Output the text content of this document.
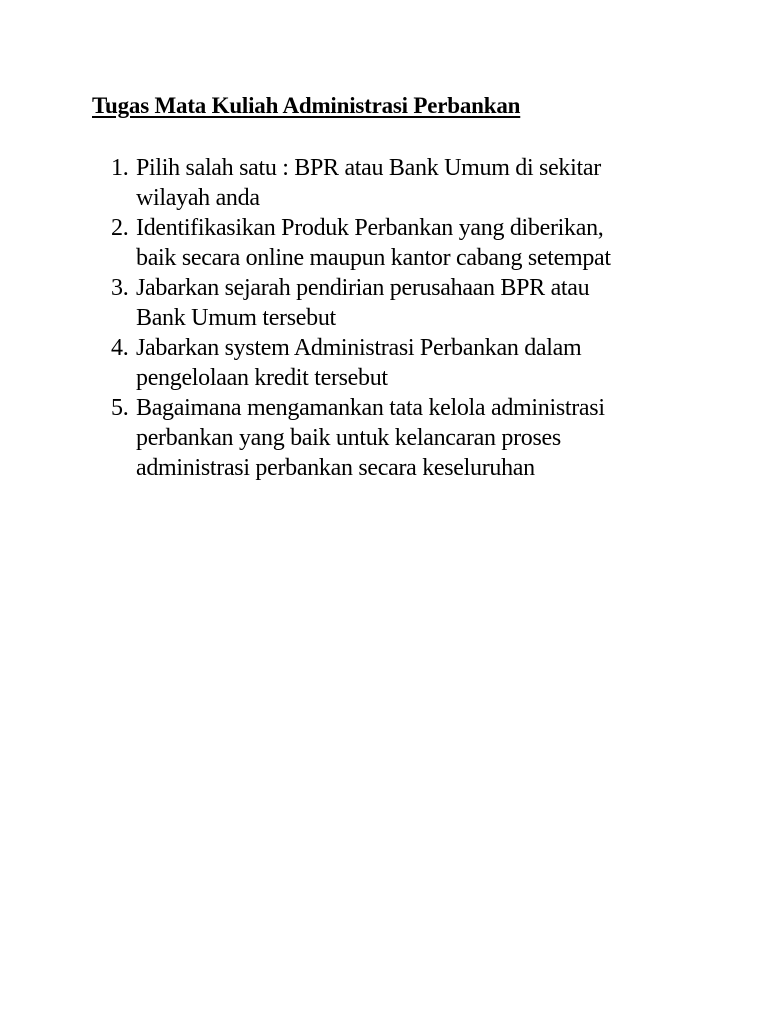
Tugas Mata Kuliah Administrasi Perbankan
1. Pilih salah satu : BPR atau Bank Umum di sekitar
wilayah anda
2. Identifikasikan Produk Perbankan yang diberikan,
baik secara online maupun kantor cabang setempat
3. Jabarkan sejarah pendirian perusahaan BPR atau
Bank Umum tersebut
4. Jabarkan system Administrasi Perbankan dalam
pengelolaan kredit tersebut
5. Bagaimana mengamankan tata kelola administrasi
perbankan yang baik untuk kelancaran proses
administrasi perbankan secara keseluruhan
